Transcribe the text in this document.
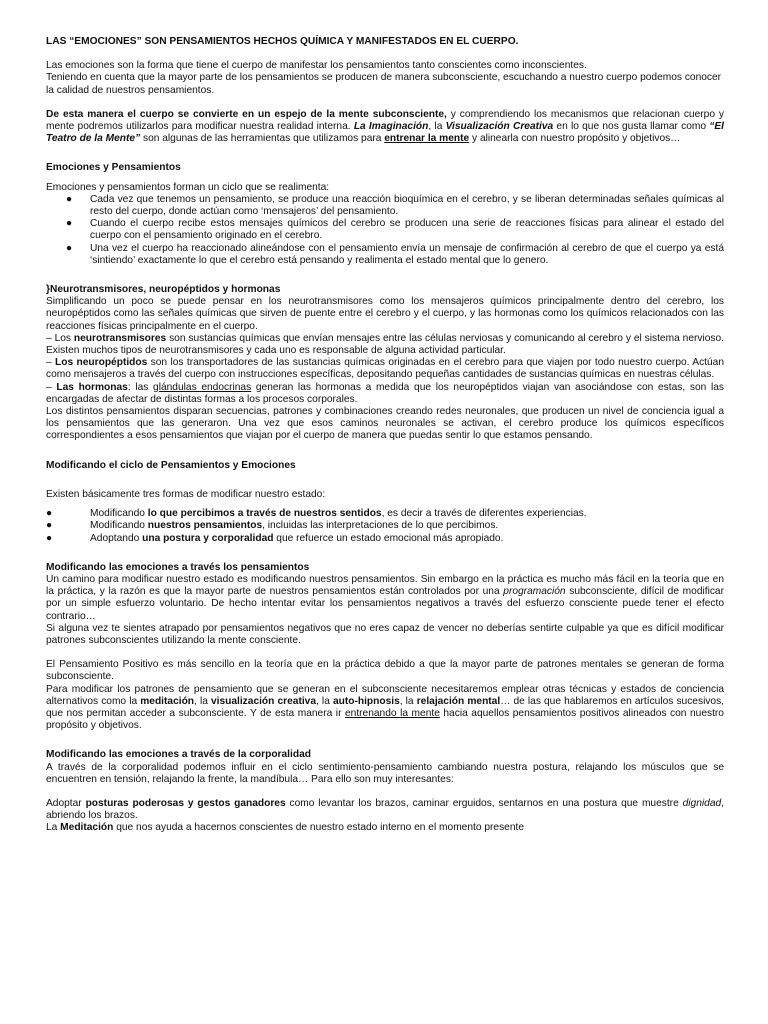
LAS “EMOCIONES” SON PENSAMIENTOS HECHOS QUÍMICA Y MANIFESTADOS EN EL CUERPO.

Las emociones son la forma que tiene el cuerpo de manifestar los pensamientos tanto conscientes como inconscientes.

Teniendo en cuenta que la mayor parte de los pensamientos se producen de manera subconsciente, escuchando a nuestro cuerpo podemos conocer la calidad de nuestros pensamientos.

De esta manera el cuerpo se convierte en un espejo de la mente subconsciente, y comprendiendo los mecanismos que relacionan cuerpo y mente podremos utilizarlos para modificar nuestra realidad interna. La Imaginación, la Visualización Creativa en lo que nos gusta llamar como “El Teatro de la Mente” son algunas de las herramientas que utilizamos para entrenar la mente y alinearla con nuestro propósito y objetivos…

Emociones y Pensamientos

Emociones y pensamientos forman un ciclo que se realimenta:

● Cada vez que tenemos un pensamiento, se produce una reacción bioquímica en el cerebro, y se liberan determinadas señales químicas al resto del cuerpo, donde actúan como ‘mensajeros’ del pensamiento.
● Cuando el cuerpo recibe estos mensajes químicos del cerebro se producen una serie de reacciones físicas para alinear el estado del cuerpo con el pensamiento originado en el cerebro.
● Una vez el cuerpo ha reaccionado alineándose con el pensamiento envía un mensaje de confirmación al cerebro de que el cuerpo ya está ‘sintiendo’ exactamente lo que el cerebro está pensando y realimenta el estado mental que lo genero.

}Neurotransmisores, neuropéptidos y hormonas

Simplificando un poco se puede pensar en los neurotransmisores como los mensajeros químicos principalmente dentro del cerebro, los neuropéptidos como las señales químicas que sirven de puente entre el cerebro y el cuerpo, y las hormonas como los químicos relacionados con las reacciones físicas principalmente en el cuerpo.

– Los neurotransmisores son sustancias químicas que envían mensajes entre las células nerviosas y comunicando al cerebro y el sistema nervioso. Existen muchos tipos de neurotransmisores y cada uno es responsable de alguna actividad particular.

– Los neuropéptidos son los transportadores de las sustancias químicas originadas en el cerebro para que viajen por todo nuestro cuerpo. Actúan como mensajeros a través del cuerpo con instrucciones específicas, depositando pequeñas cantidades de sustancias químicas en nuestras células.

– Las hormonas: las glándulas endocrinas generan las hormonas a medida que los neuropéptidos viajan van asociándose con estas, son las encargadas de afectar de distintas formas a los procesos corporales.

Los distintos pensamientos disparan secuencias, patrones y combinaciones creando redes neuronales, que producen un nivel de conciencia igual a los pensamientos que las generaron. Una vez que esos caminos neuronales se activan, el cerebro produce los químicos específicos correspondientes a esos pensamientos que viajan por el cuerpo de manera que puedas sentir lo que estamos pensando.

Modificando el ciclo de Pensamientos y Emociones

Existen básicamente tres formas de modificar nuestro estado:

●	Modificando lo que percibimos a través de nuestros sentidos, es decir a través de diferentes experiencias.
●	Modificando nuestros pensamientos, incluidas las interpretaciones de lo que percibimos.
●	Adoptando una postura y corporalidad que refuerce un estado emocional más apropiado.

Modificando las emociones a través los pensamientos

Un camino para modificar nuestro estado es modificando nuestros pensamientos. Sin embargo en la práctica es mucho más fácil en la teoría que en la práctica, y la razón es que la mayor parte de nuestros pensamientos están controlados por una programación subconsciente, difícil de modificar por un simple esfuerzo voluntario. De hecho intentar evitar los pensamientos negativos a través del esfuerzo consciente puede tener el efecto contrario…

Si alguna vez te sientes atrapado por pensamientos negativos que no eres capaz de vencer no deberías sentirte culpable ya que es difícil modificar patrones subconscientes utilizando la mente consciente.

El Pensamiento Positivo es más sencillo en la teoría que en la práctica debido a que la mayor parte de patrones mentales se generan de forma subconsciente.

Para modificar los patrones de pensamiento que se generan en el subconsciente necesitaremos emplear otras técnicas y estados de conciencia alternativos como la meditación, la visualización creativa, la auto-hipnosis, la relajación mental… de las que hablaremos en artículos sucesivos, que nos permitan acceder a subconsciente. Y de esta manera ir entrenando la mente hacia aquellos pensamientos positivos alineados con nuestro propósito y objetivos.

Modificando las emociones a través de la corporalidad

A través de la corporalidad podemos influir en el ciclo sentimiento-pensamiento cambiando nuestra postura, relajando los músculos que se encuentren en tensión, relajando la frente, la mandíbula… Para ello son muy interesantes:

Adoptar posturas poderosas y gestos ganadores como levantar los brazos, caminar erguidos, sentarnos en una postura que muestre dignidad, abriendo los brazos.

La Meditación que nos ayuda a hacernos conscientes de nuestro estado interno en el momento presente
